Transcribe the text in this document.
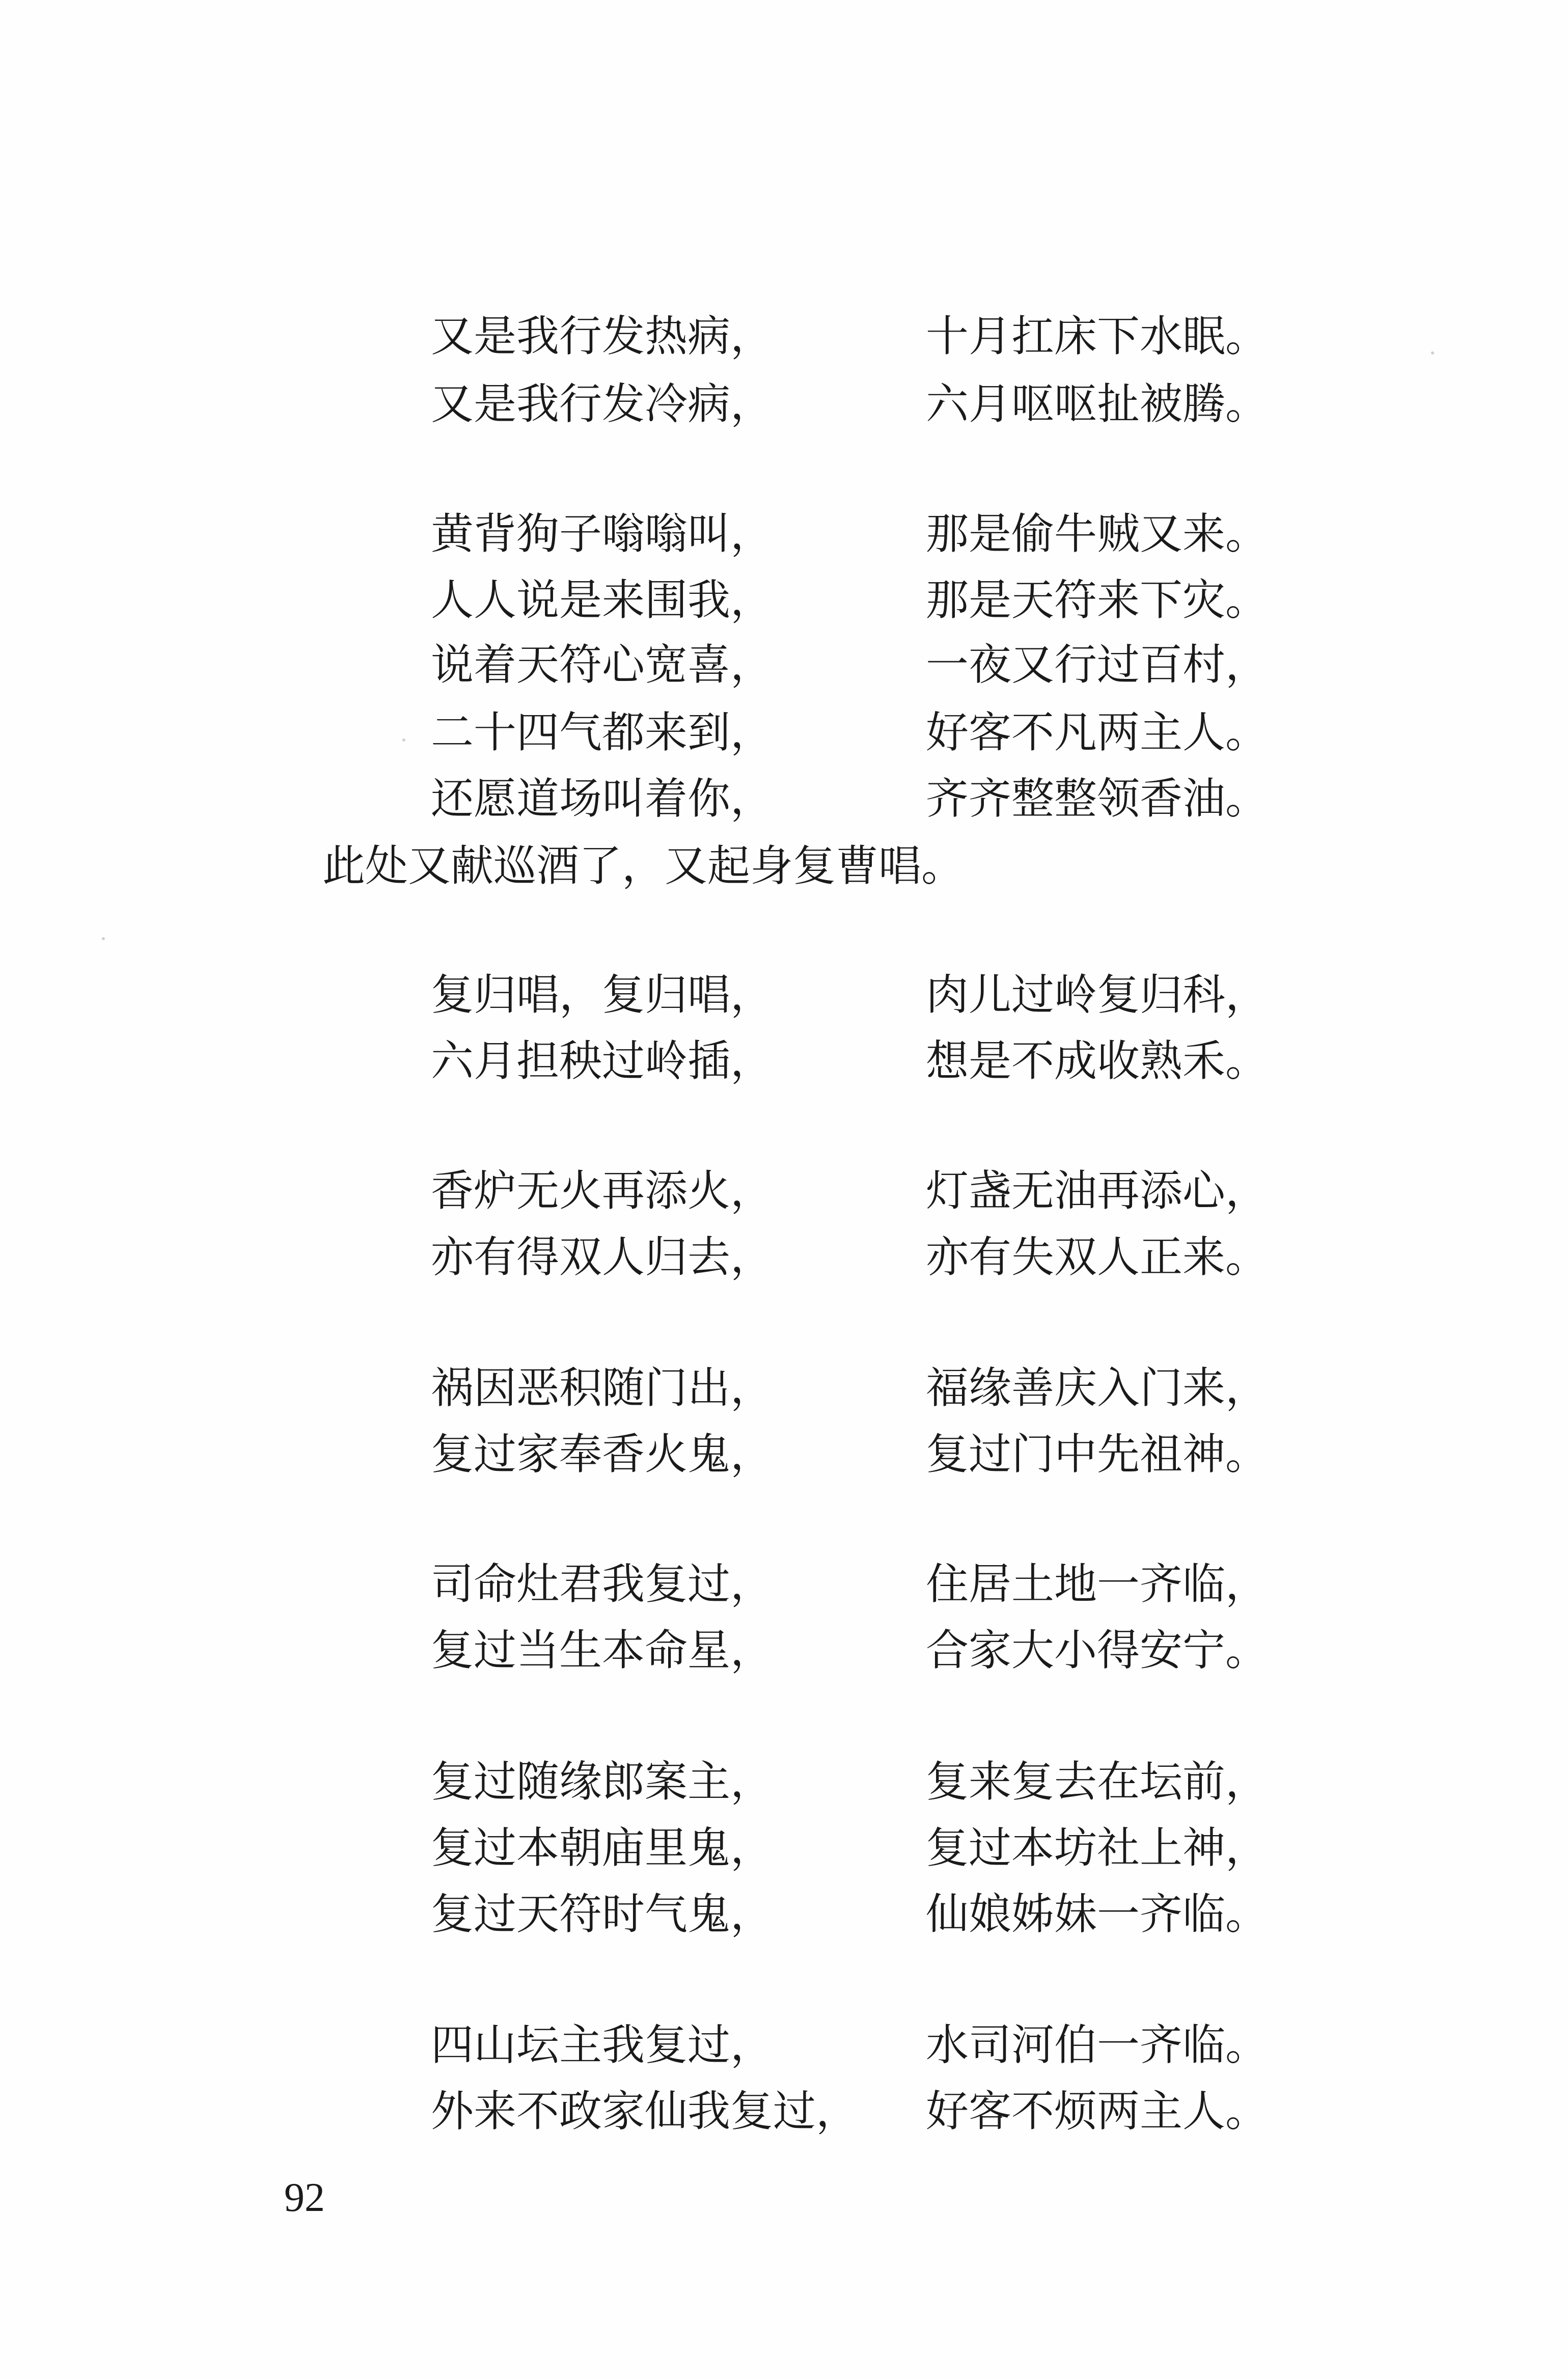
又是我行发热病，	十月扛床下水眠。
又是我行发冷病，	六月呕呕扯被腾。
黄背狗子嗡嗡叫，	那是偷牛贼又来。
人人说是来围我，	那是天符来下灾。
说着天符心宽喜，	一夜又行过百村，
二十四气都来到，	好客不凡两主人。
还愿道场叫着你，	齐齐整整领香油。
此处又献巡酒了，又起身复曹唱。
复归唱，复归唱，	肉儿过岭复归科，
六月担秧过岭插，	想是不成收熟禾。
香炉无火再添火，	灯盏无油再添心，
亦有得双人归去，	亦有失双人正来。
祸因恶积随门出，	福缘善庆入门来，
复过家奉香火鬼，	复过门中先祖神。
司命灶君我复过，	住居土地一齐临，
复过当生本命星，	合家大小得安宁。
复过随缘郎案主，	复来复去在坛前，
复过本朝庙里鬼，	复过本坊社上神，
复过天符时气鬼，	仙娘姊妹一齐临。
四山坛主我复过，	水司河伯一齐临。
外来不政家仙我复过， 好客不烦两主人。
92
